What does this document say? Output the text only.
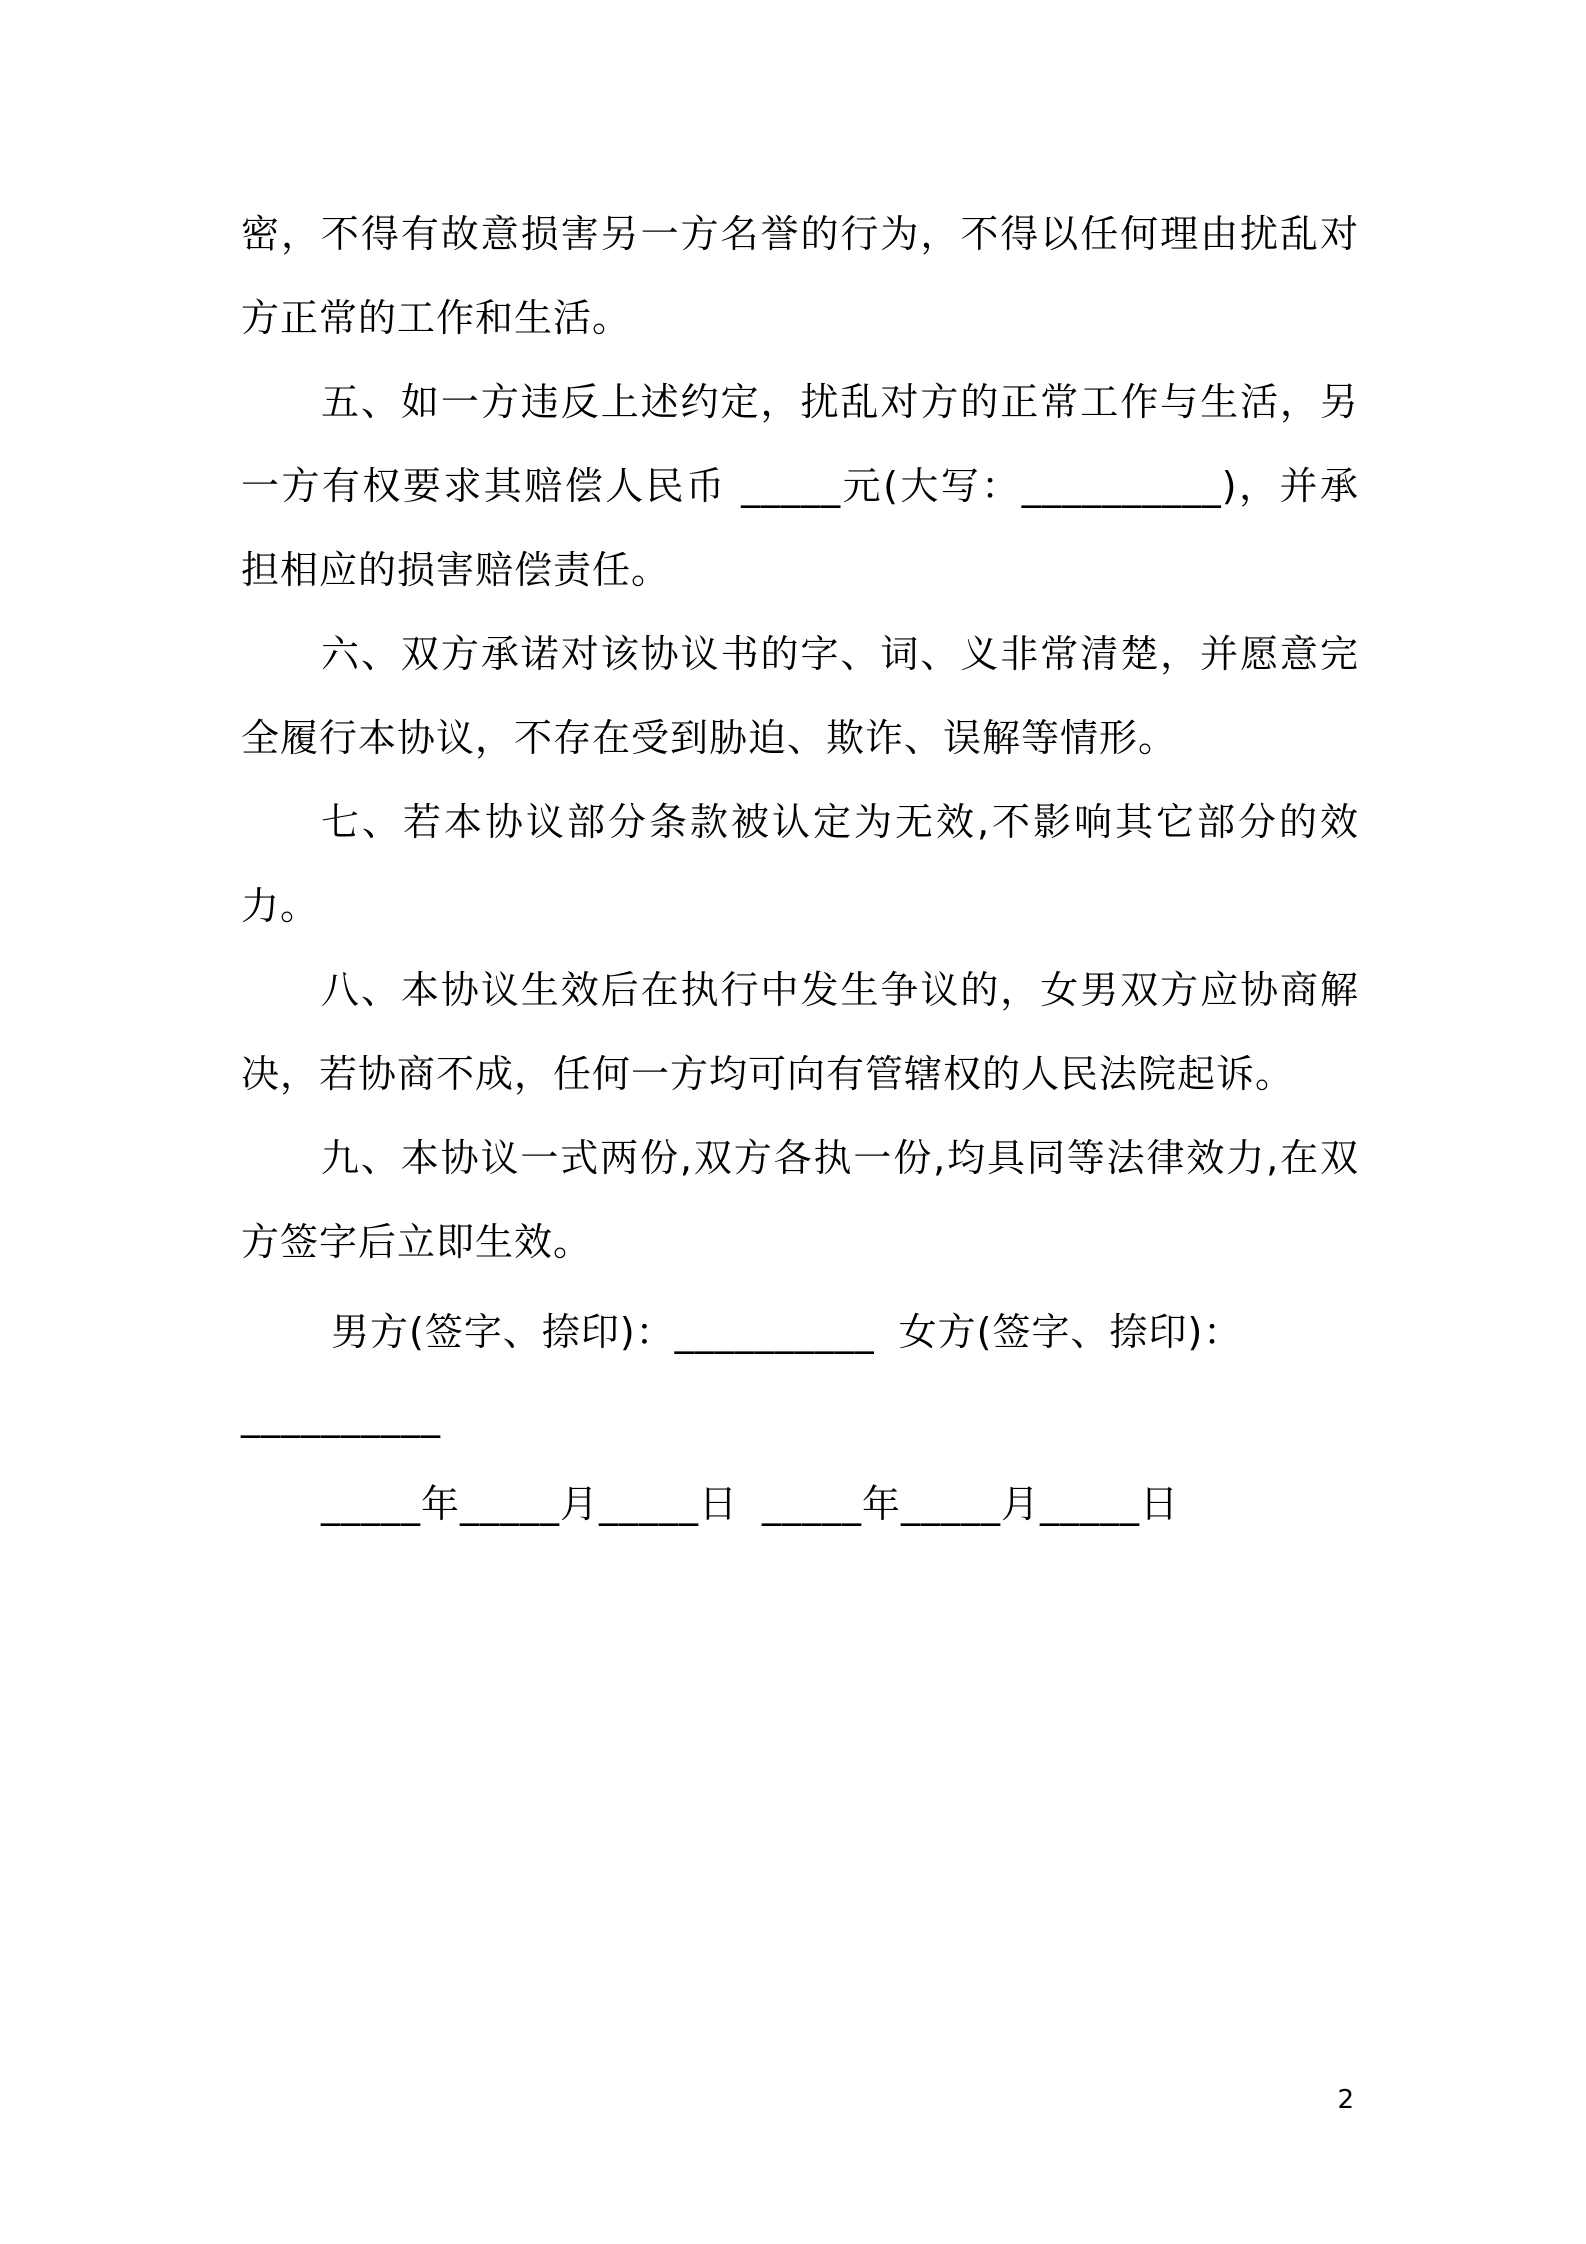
密，不得有故意损害另一方名誉的行为，不得以任何理由扰乱对方正常的工作和生活。

五、如一方违反上述约定，扰乱对方的正常工作与生活，另一方有权要求其赔偿人民币 _____元(大写：__________)，并承担相应的损害赔偿责任。

六、双方承诺对该协议书的字、词、义非常清楚，并愿意完全履行本协议，不存在受到胁迫、欺诈、误解等情形。

七、若本协议部分条款被认定为无效,不影响其它部分的效力。

八、本协议生效后在执行中发生争议的，女男双方应协商解决，若协商不成，任何一方均可向有管辖权的人民法院起诉。

九、本协议一式两份,双方各执一份,均具同等法律效力,在双方签字后立即生效。

男方(签字、捺印)：__________ 女方(签字、捺印)：
__________
_____年_____月_____日 _____年_____月_____日
2
